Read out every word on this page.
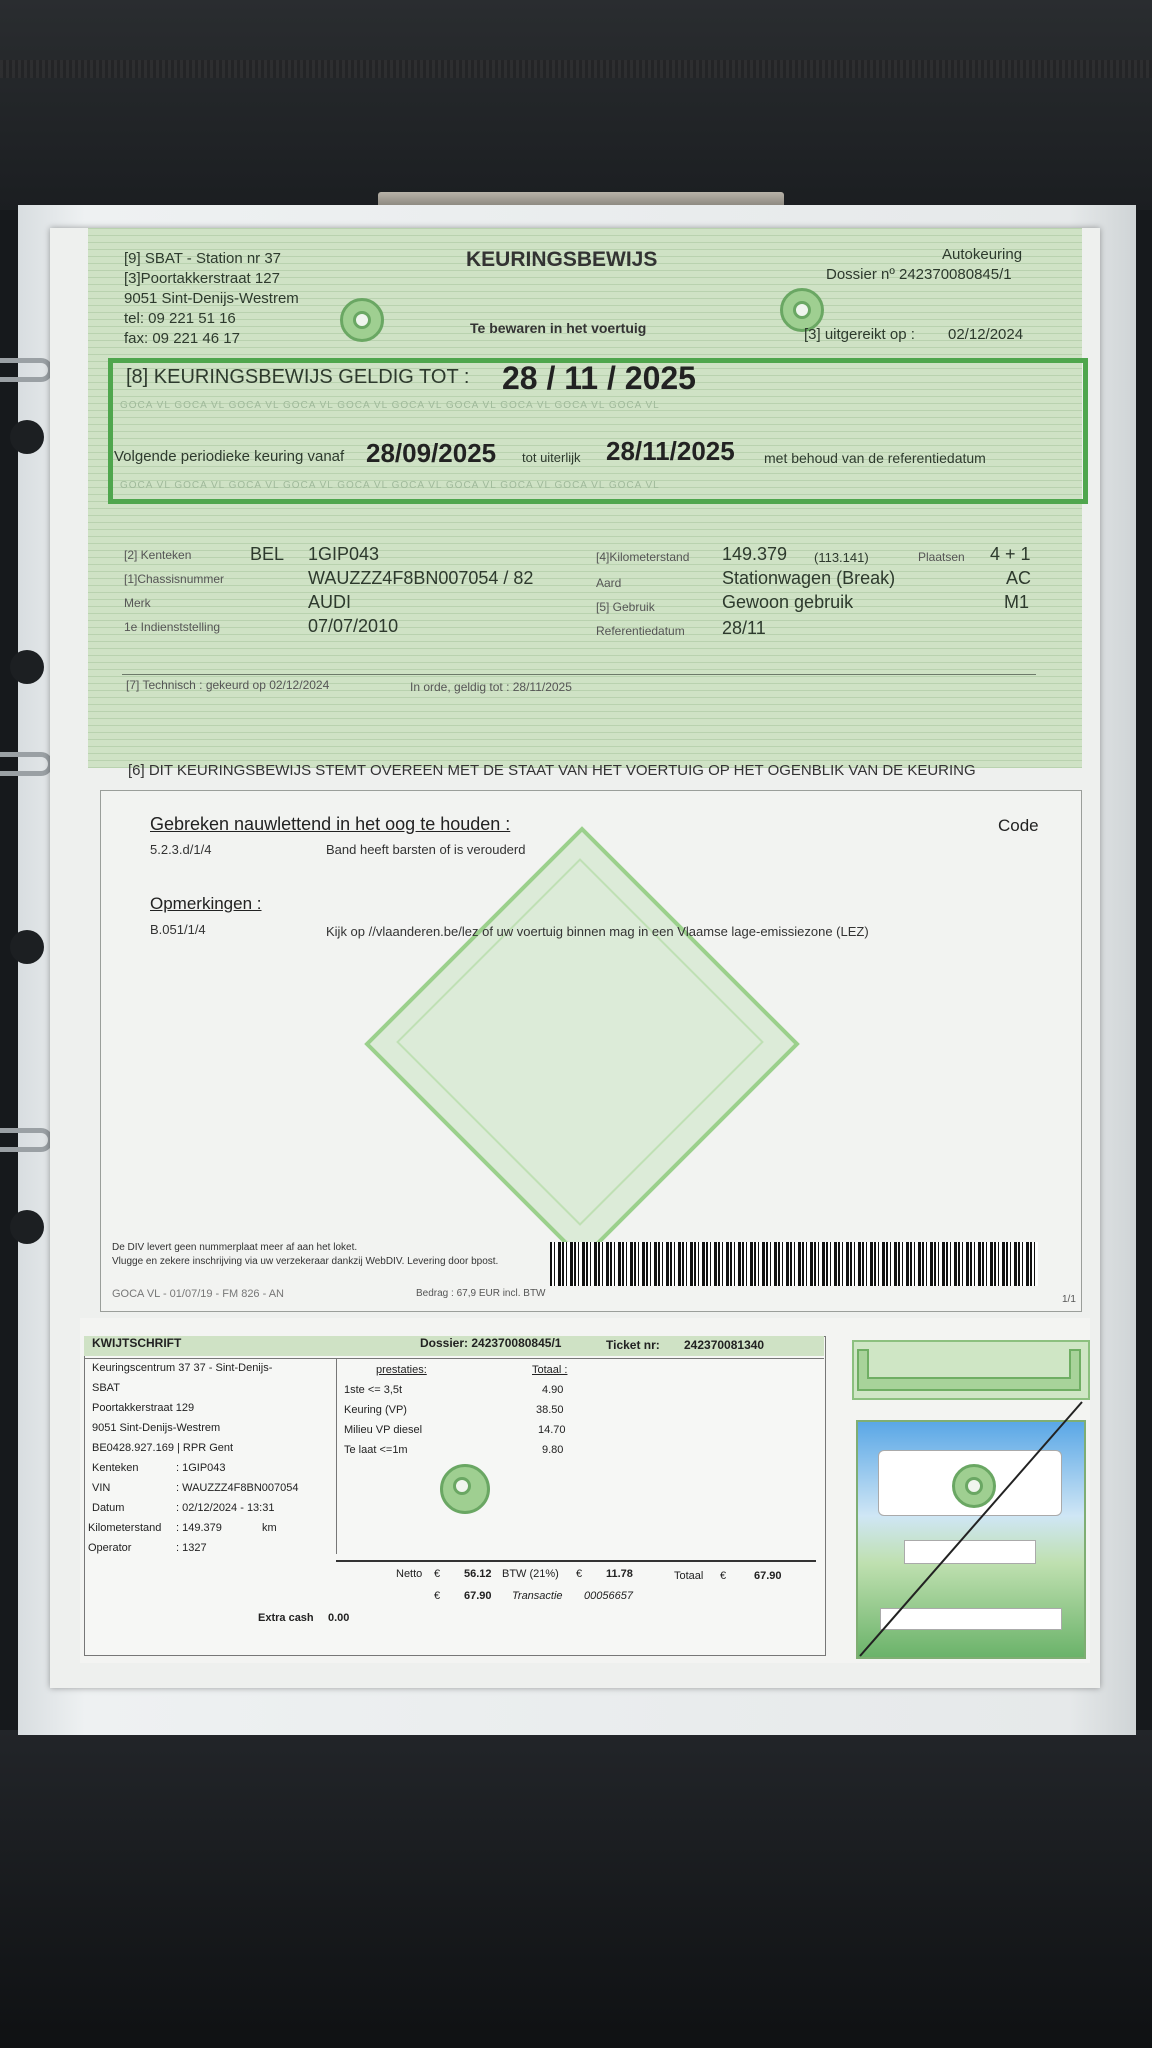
[9] SBAT - Station nr 37
[3]Poortakkerstraat 127
9051 Sint-Denijs-Westrem
tel: 09 221 51 16
fax: 09 221 46 17
KEURINGSBEWIJS
Te bewaren in het voertuig
Autokeuring
Dossier nº 242370080845/1
[3] uitgereikt op : 02/12/2024
GOCA VL GOCA VL GOCA VL GOCA VL GOCA VL GOCA VL GOCA VL GOCA VL GOCA VL GOCA VL
GOCA VL GOCA VL GOCA VL GOCA VL GOCA VL GOCA VL GOCA VL GOCA VL GOCA VL GOCA VL
[8] KEURINGSBEWIJS GELDIG TOT : 28 / 11 / 2025
Volgende periodieke keuring vanaf 28/09/2025 tot uiterlijk 28/11/2025 met behoud van de referentiedatum
[2] Kenteken	BEL 1GIP043
[1]Chassisnummer	WAUZZZ4F8BN007054 / 82
Merk	AUDI
1e Indienststelling	07/07/2010
[4]Kilometerstand 149.379 (113.141)	Plaatsen 4 + 1
Aard	Stationwagen (Break)	AC
[5] Gebruik	Gewoon gebruik	M1
Referentiedatum 28/11
[7] Technisch : gekeurd op 02/12/2024	In orde, geldig tot : 28/11/2025
[6] DIT KEURINGSBEWIJS STEMT OVEREEN MET DE STAAT VAN HET VOERTUIG OP HET OGENBLIK VAN DE KEURING
Gebreken nauwlettend in het oog te houden :	Code
5.2.3.d/1/4	Band heeft barsten of is verouderd
Opmerkingen :
B.051/1/4	Kijk op //vlaanderen.be/lez of uw voertuig binnen mag in een Vlaamse lage-emissiezone (LEZ)
De DIV levert geen nummerplaat meer af aan het loket.
Vlugge en zekere inschrijving via uw verzekeraar dankzij WebDIV. Levering door bpost.
GOCA VL - 01/07/19 - FM 826 - AN	Bedrag : 67,9 EUR incl. BTW
1/1
KWIJTSCHRIFT	Dossier: 242370080845/1	Ticket nr: 242370081340
Keuringscentrum 37 37 - Sint-Denijs-
SBAT
Poortakkerstraat 129
9051 Sint-Denijs-Westrem
BE0428.927.169 | RPR Gent
Kenteken	: 1GIP043
VIN	: WAUZZZ4F8BN007054
Datum	: 02/12/2024 - 13:31
Kilometerstand : 149.379	km
Operator	: 1327
prestaties:	Totaal :
1ste <= 3,5t	4.90
Keuring (VP)	38.50
Milieu VP diesel	14.70
Te laat <=1m	9.80
Netto € 56.12 BTW (21%) € 11.78	Totaal €	67.90
€ 67.90 Transactie 00056657
Extra cash 0.00
